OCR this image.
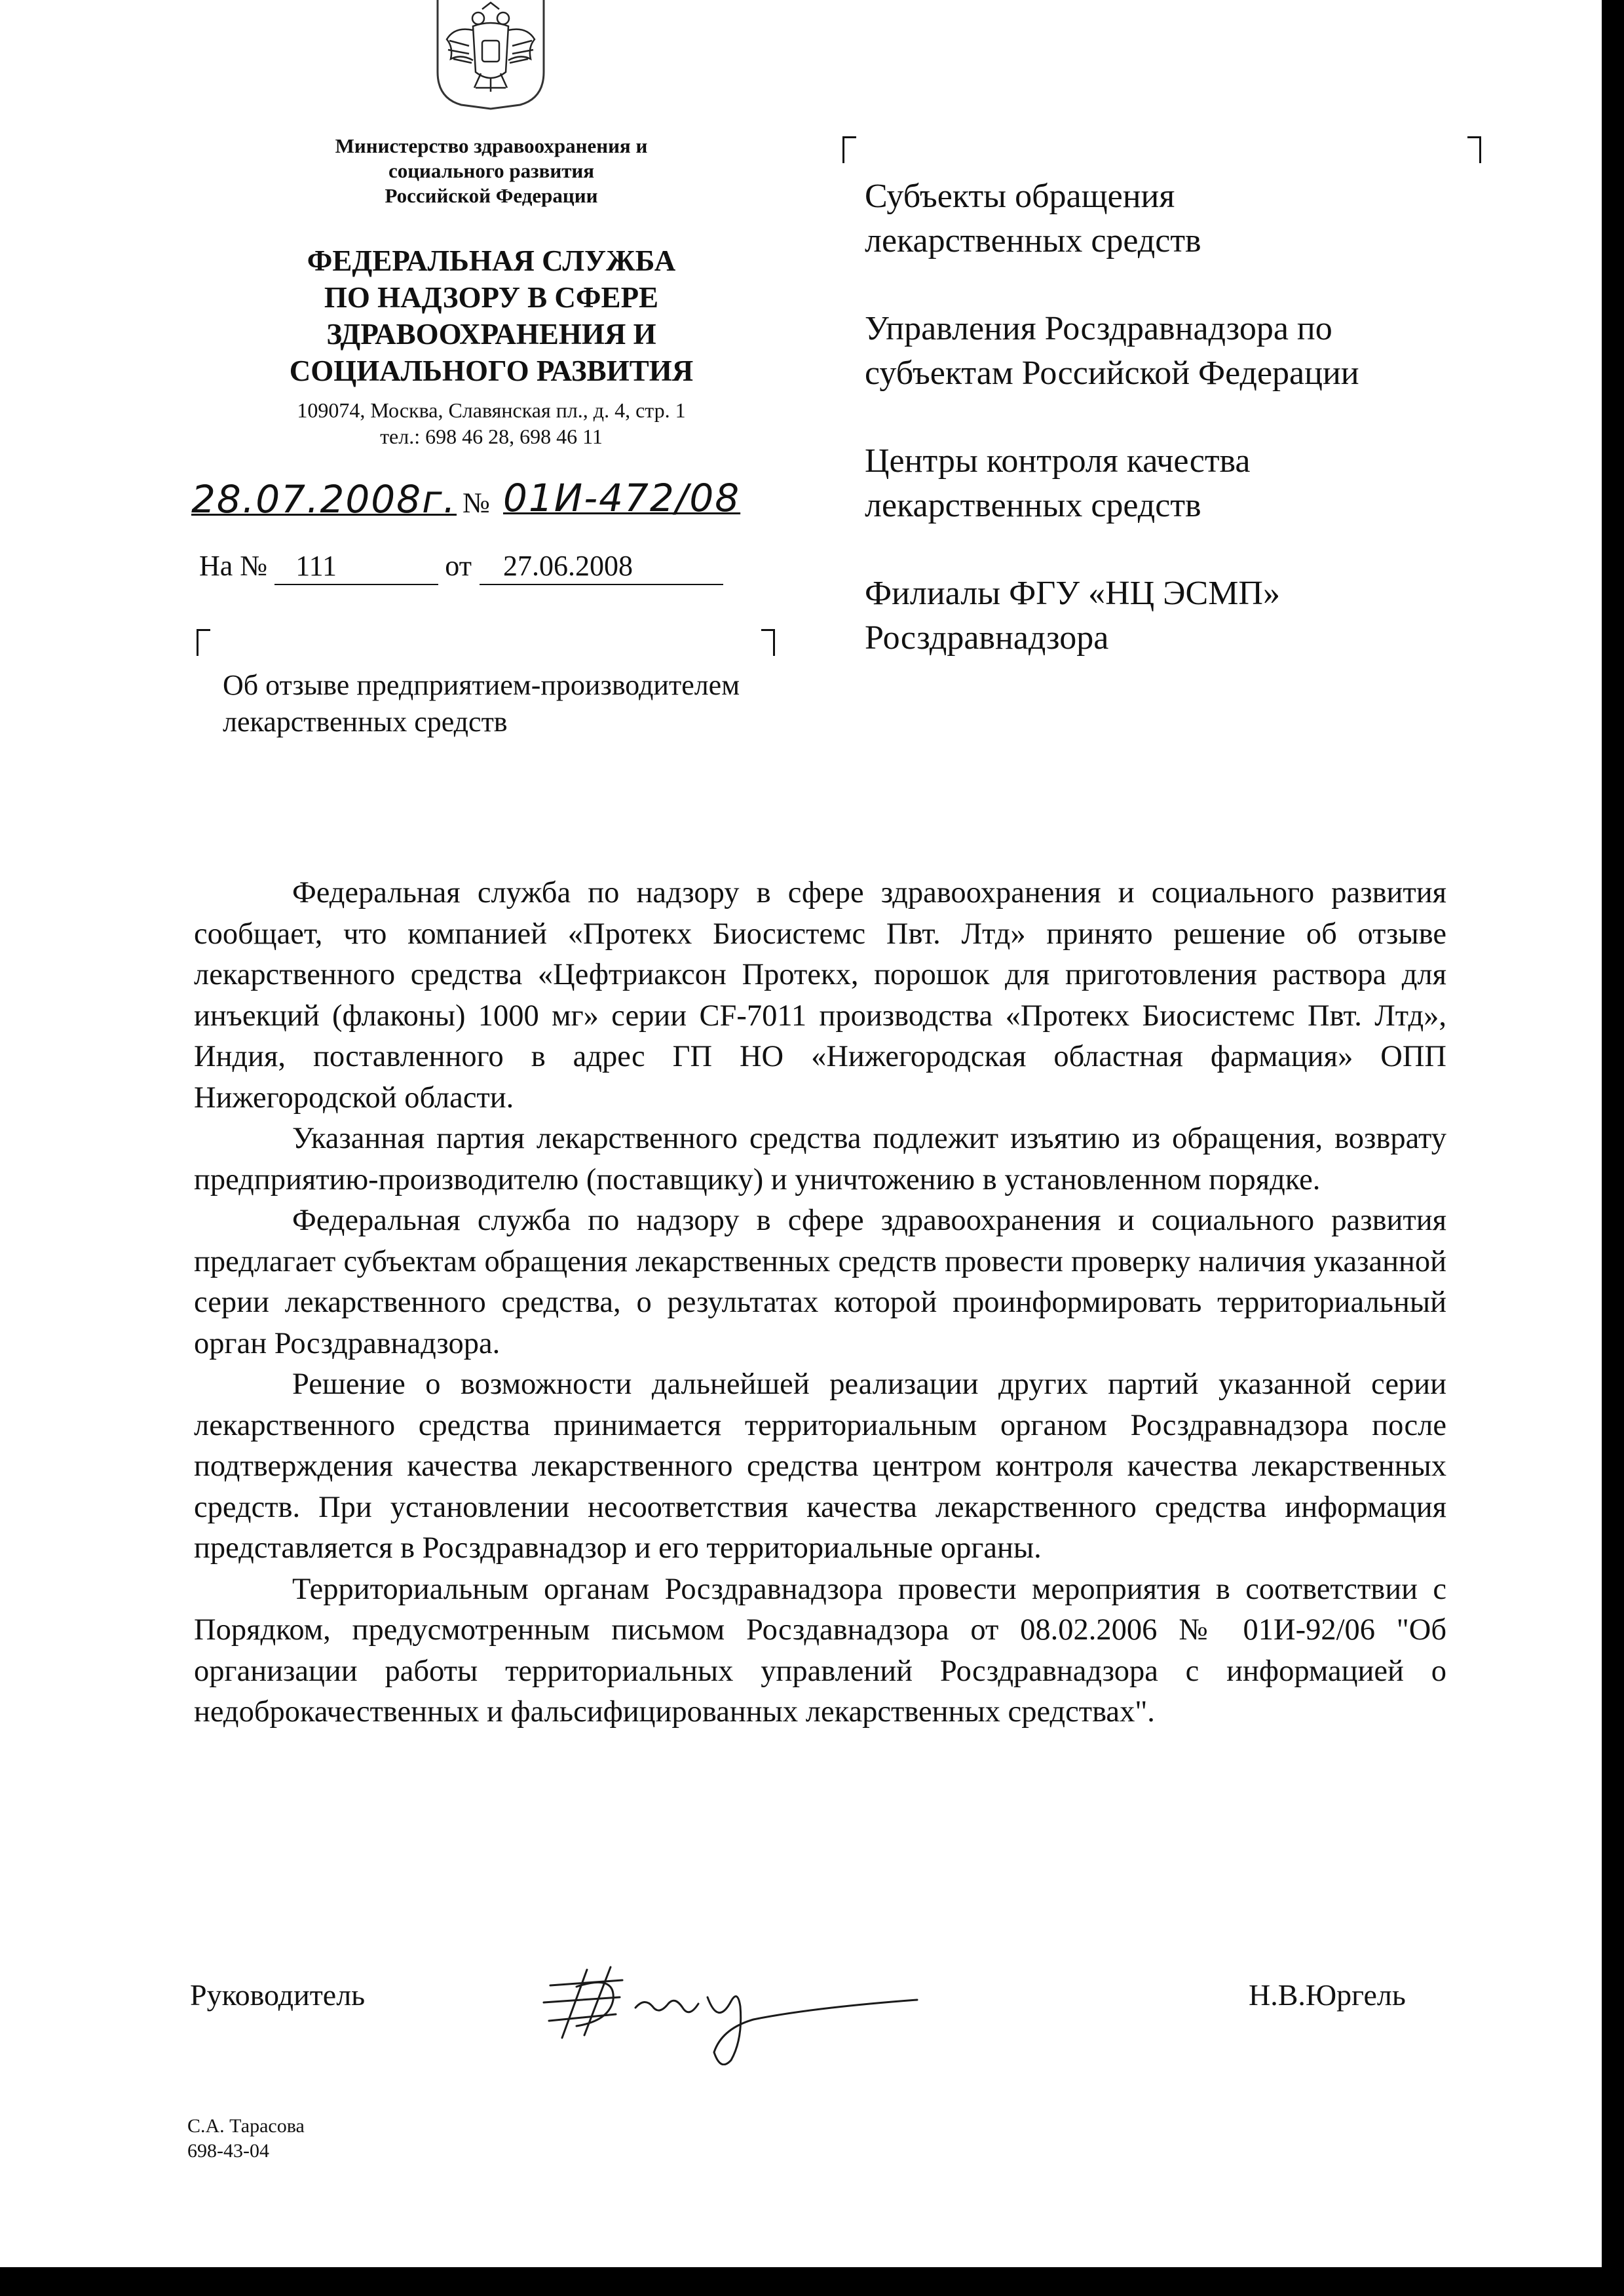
Министерство здравоохранения и
социального развития
Российской Федерации
ФЕДЕРАЛЬНАЯ СЛУЖБА
ПО НАДЗОРУ В СФЕРЕ
ЗДРАВООХРАНЕНИЯ И
СОЦИАЛЬНОГО РАЗВИТИЯ
109074, Москва, Славянская пл., д. 4, стр. 1
тел.: 698 46 28, 698 46 11
28.07.2008г. № 01И-472/08
На № 111	от 27.06.2008
Об отзыве предприятием-производителем
лекарственных средств
Субъекты обращения
лекарственных средств
Управления Росздравнадзора по
субъектам Российской Федерации
Центры контроля качества
лекарственных средств
Филиалы ФГУ «НЦ ЭСМП»
Росздравнадзора

Федеральная служба по надзору в сфере здравоохранения и социального развития сообщает, что компанией «Протекх Биосистемс Пвт. Лтд» принято решение об отзыве лекарственного средства «Цефтриаксон Протекх, порошок для приготовления раствора для инъекций (флаконы) 1000 мг» серии CF-7011 производства «Протекх Биосистемс Пвт. Лтд», Индия, поставленного в адрес ГП НО «Нижегородская областная фармация» ОПП Нижегородской области.

Указанная партия лекарственного средства подлежит изъятию из обращения, возврату предприятию-производителю (поставщику) и уничтожению в установленном порядке.

Федеральная служба по надзору в сфере здравоохранения и социального развития предлагает субъектам обращения лекарственных средств провести проверку наличия указанной серии лекарственного средства, о результатах которой проинформировать территориальный орган Росздравнадзора.

Решение о возможности дальнейшей реализации других партий указанной серии лекарственного средства принимается территориальным органом Росздравнадзора после подтверждения качества лекарственного средства центром контроля качества лекарственных средств. При установлении несоответствия качества лекарственного средства информация представляется в Росздравнадзор и его территориальные органы.

Территориальным органам Росздравнадзора провести мероприятия в соответствии с Порядком, предусмотренным письмом Росздавнадзора от 08.02.2006 № 01И-92/06 "Об организации работы территориальных управлений Росздравнадзора с информацией о недоброкачественных и фальсифицированных лекарственных средствах".

Руководитель	Н.В.Юргель
С.А. Тарасова
698-43-04
